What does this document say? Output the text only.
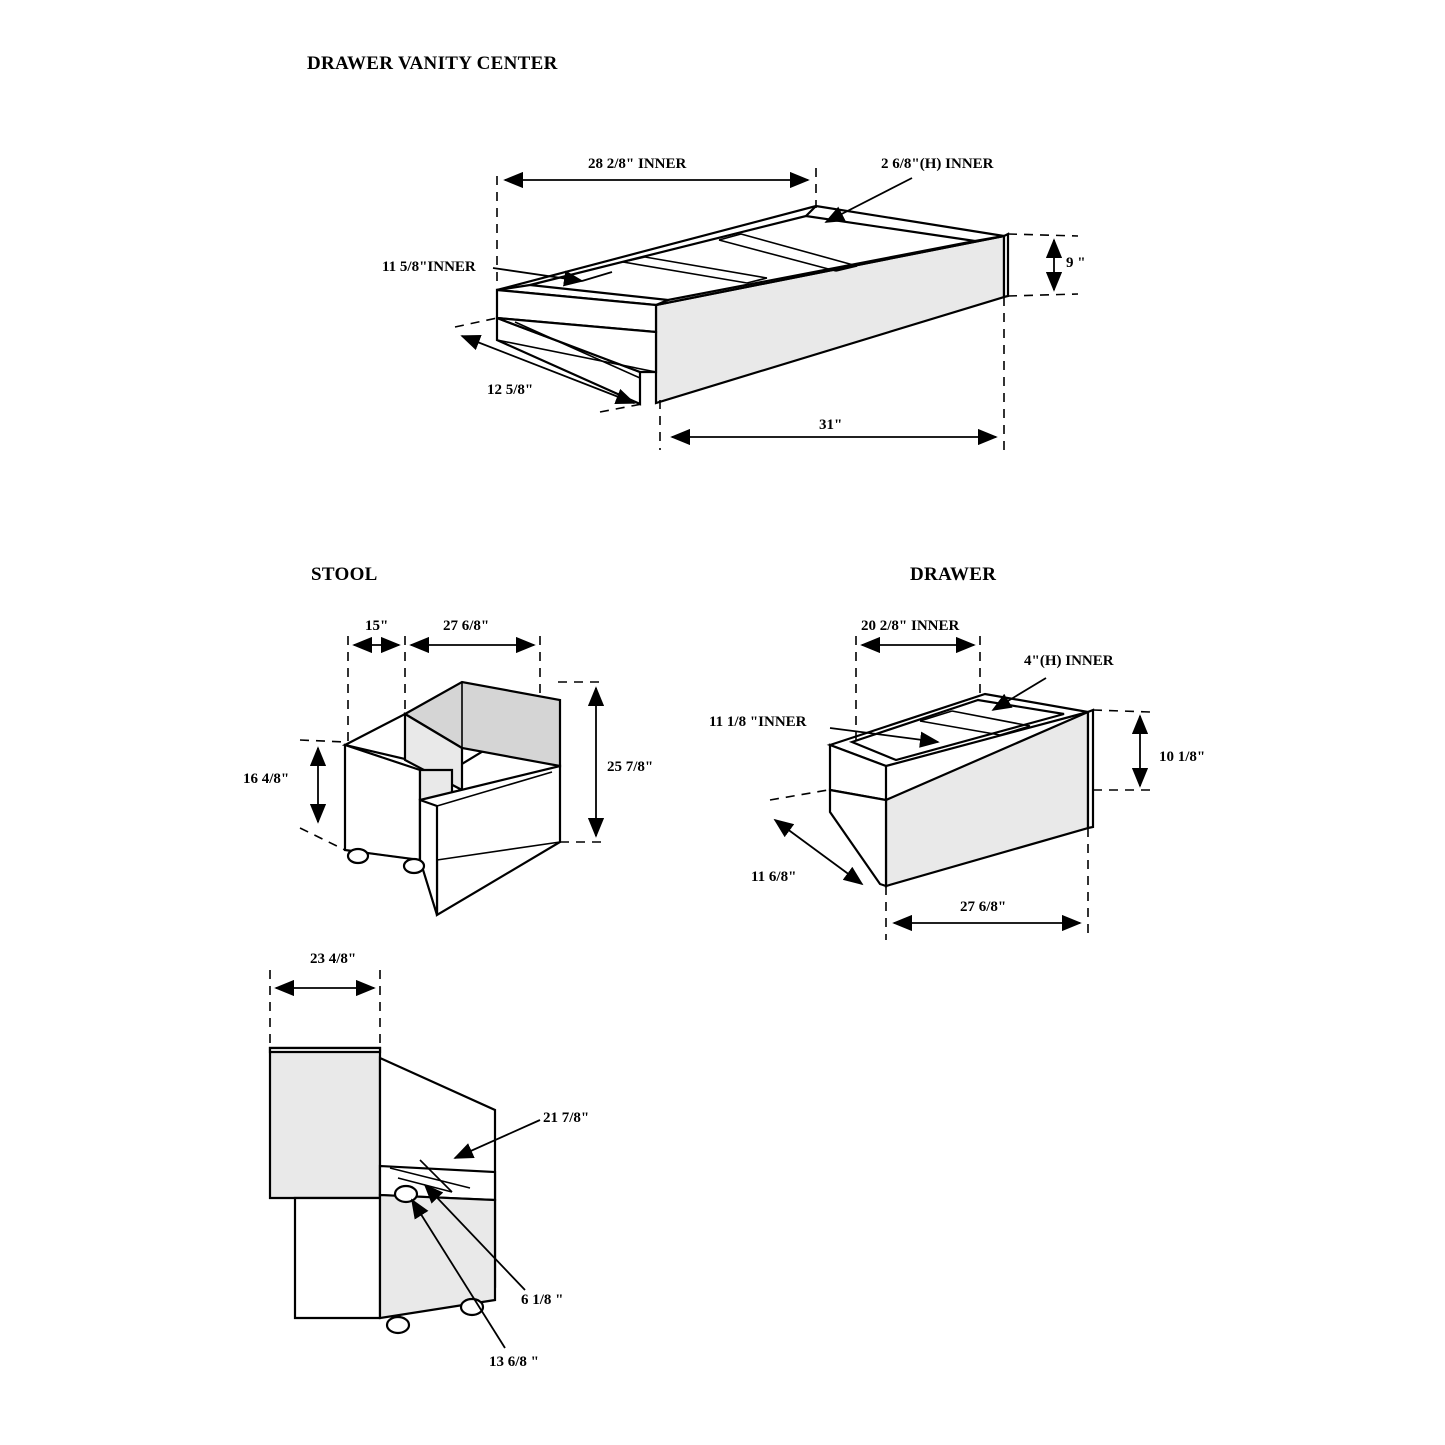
DRAWER VANITY CENTER
STOOL	DRAWER
28 2/8" INNER	2 6/8"(H) INNER
11 5/8"INNER	9 "
12 5/8"
31"
15"	27 6/8"
16 4/8"
25 7/8"
20 2/8" INNER
4"(H) INNER
11 1/8 "INNER
10 1/8"
11 6/8"
27 6/8"
23 4/8"
21 7/8"
6 1/8 "
13 6/8 "
